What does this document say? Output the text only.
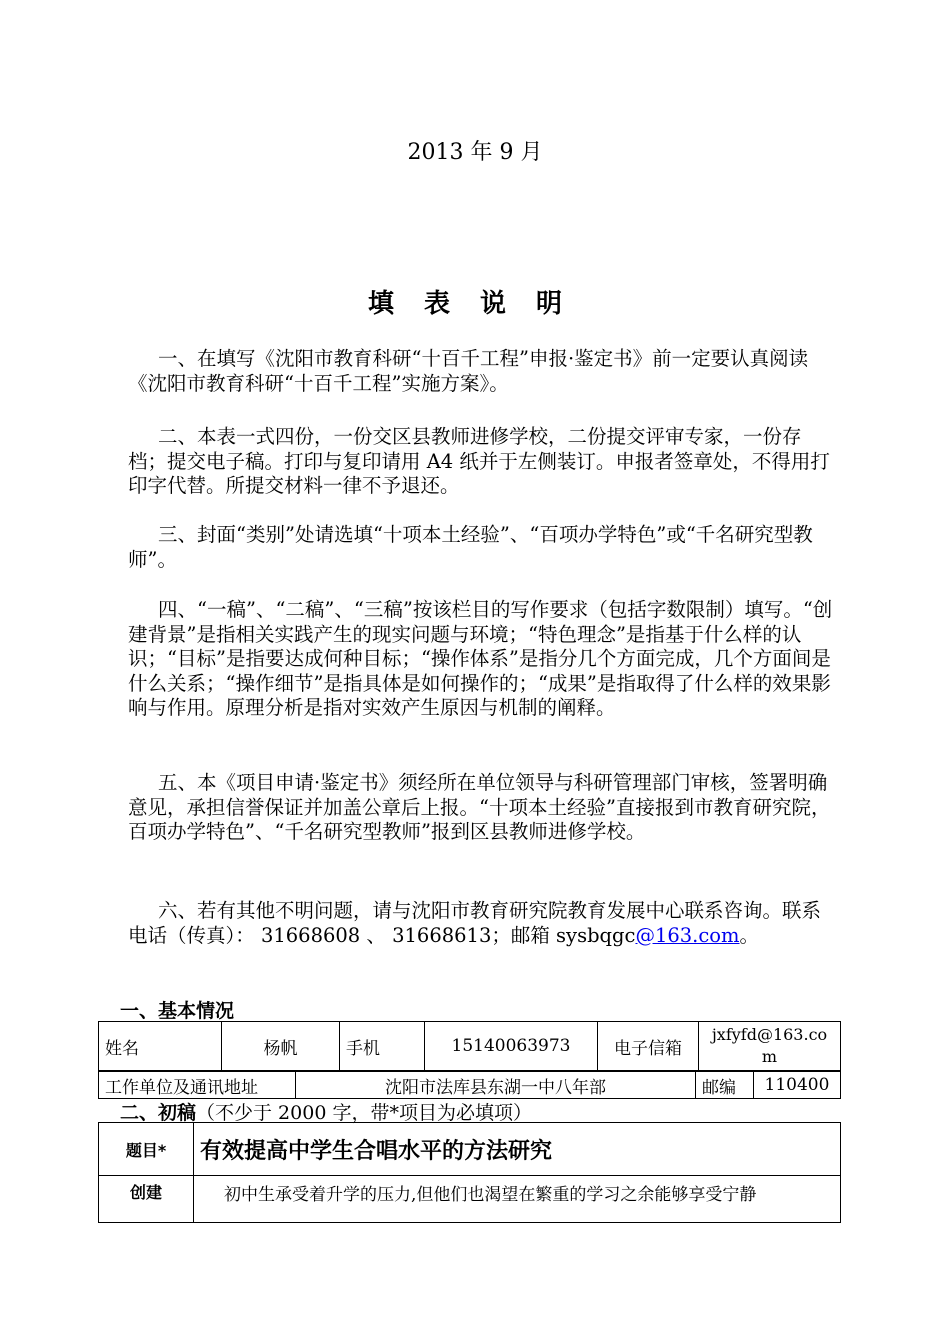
2013 年 9 月
填表说明

一、在填写《沈阳市教育科研“十百千工程”申报·鉴定书》前一定要认真阅读《沈阳市教育科研“十百千工程”实施方案》。

二、本表一式四份，一份交区县教师进修学校，二份提交评审专家，一份存档；提交电子稿。打印与复印请用 A4 纸并于左侧装订。申报者签章处，不得用打印字代替。所提交材料一律不予退还。

三、封面“类别”处请选填“十项本土经验”、“百项办学特色”或“千名研究型教师”。

四、“一稿”、“二稿”、“三稿”按该栏目的写作要求（包括字数限制）填写。“创建背景”是指相关实践产生的现实问题与环境；“特色理念”是指基于什么样的认识；“目标”是指要达成何种目标；“操作体系”是指分几个方面完成，几个方面间是什么关系；“操作细节”是指具体是如何操作的；“成果”是指取得了什么样的效果影响与作用。原理分析是指对实效产生原因与机制的阐释。

五、本《项目申请·鉴定书》须经所在单位领导与科研管理部门审核，签署明确意见，承担信誉保证并加盖公章后上报。“十项本土经验”直接报到市教育研究院，百项办学特色”、“千名研究型教师”报到区县教师进修学校。

六、若有其他不明问题，请与沈阳市教育研究院教育发展中心联系咨询。联系电话（传真）： 31668608 、 31668613；邮箱 sysbqgc@163.com。

一、基本情况
姓名	杨帆	手机	15140063973	电子信箱	jxfyfd@163.com
工作单位及通讯地址	沈阳市法库县东湖一中八年部	邮编	110400
二、初稿（不少于 2000 字，带*项目为必填项）
题目*	有效提高中学生合唱水平的方法研究
创建	初中生承受着升学的压力,但他们也渴望在繁重的学习之余能够享受宁静
